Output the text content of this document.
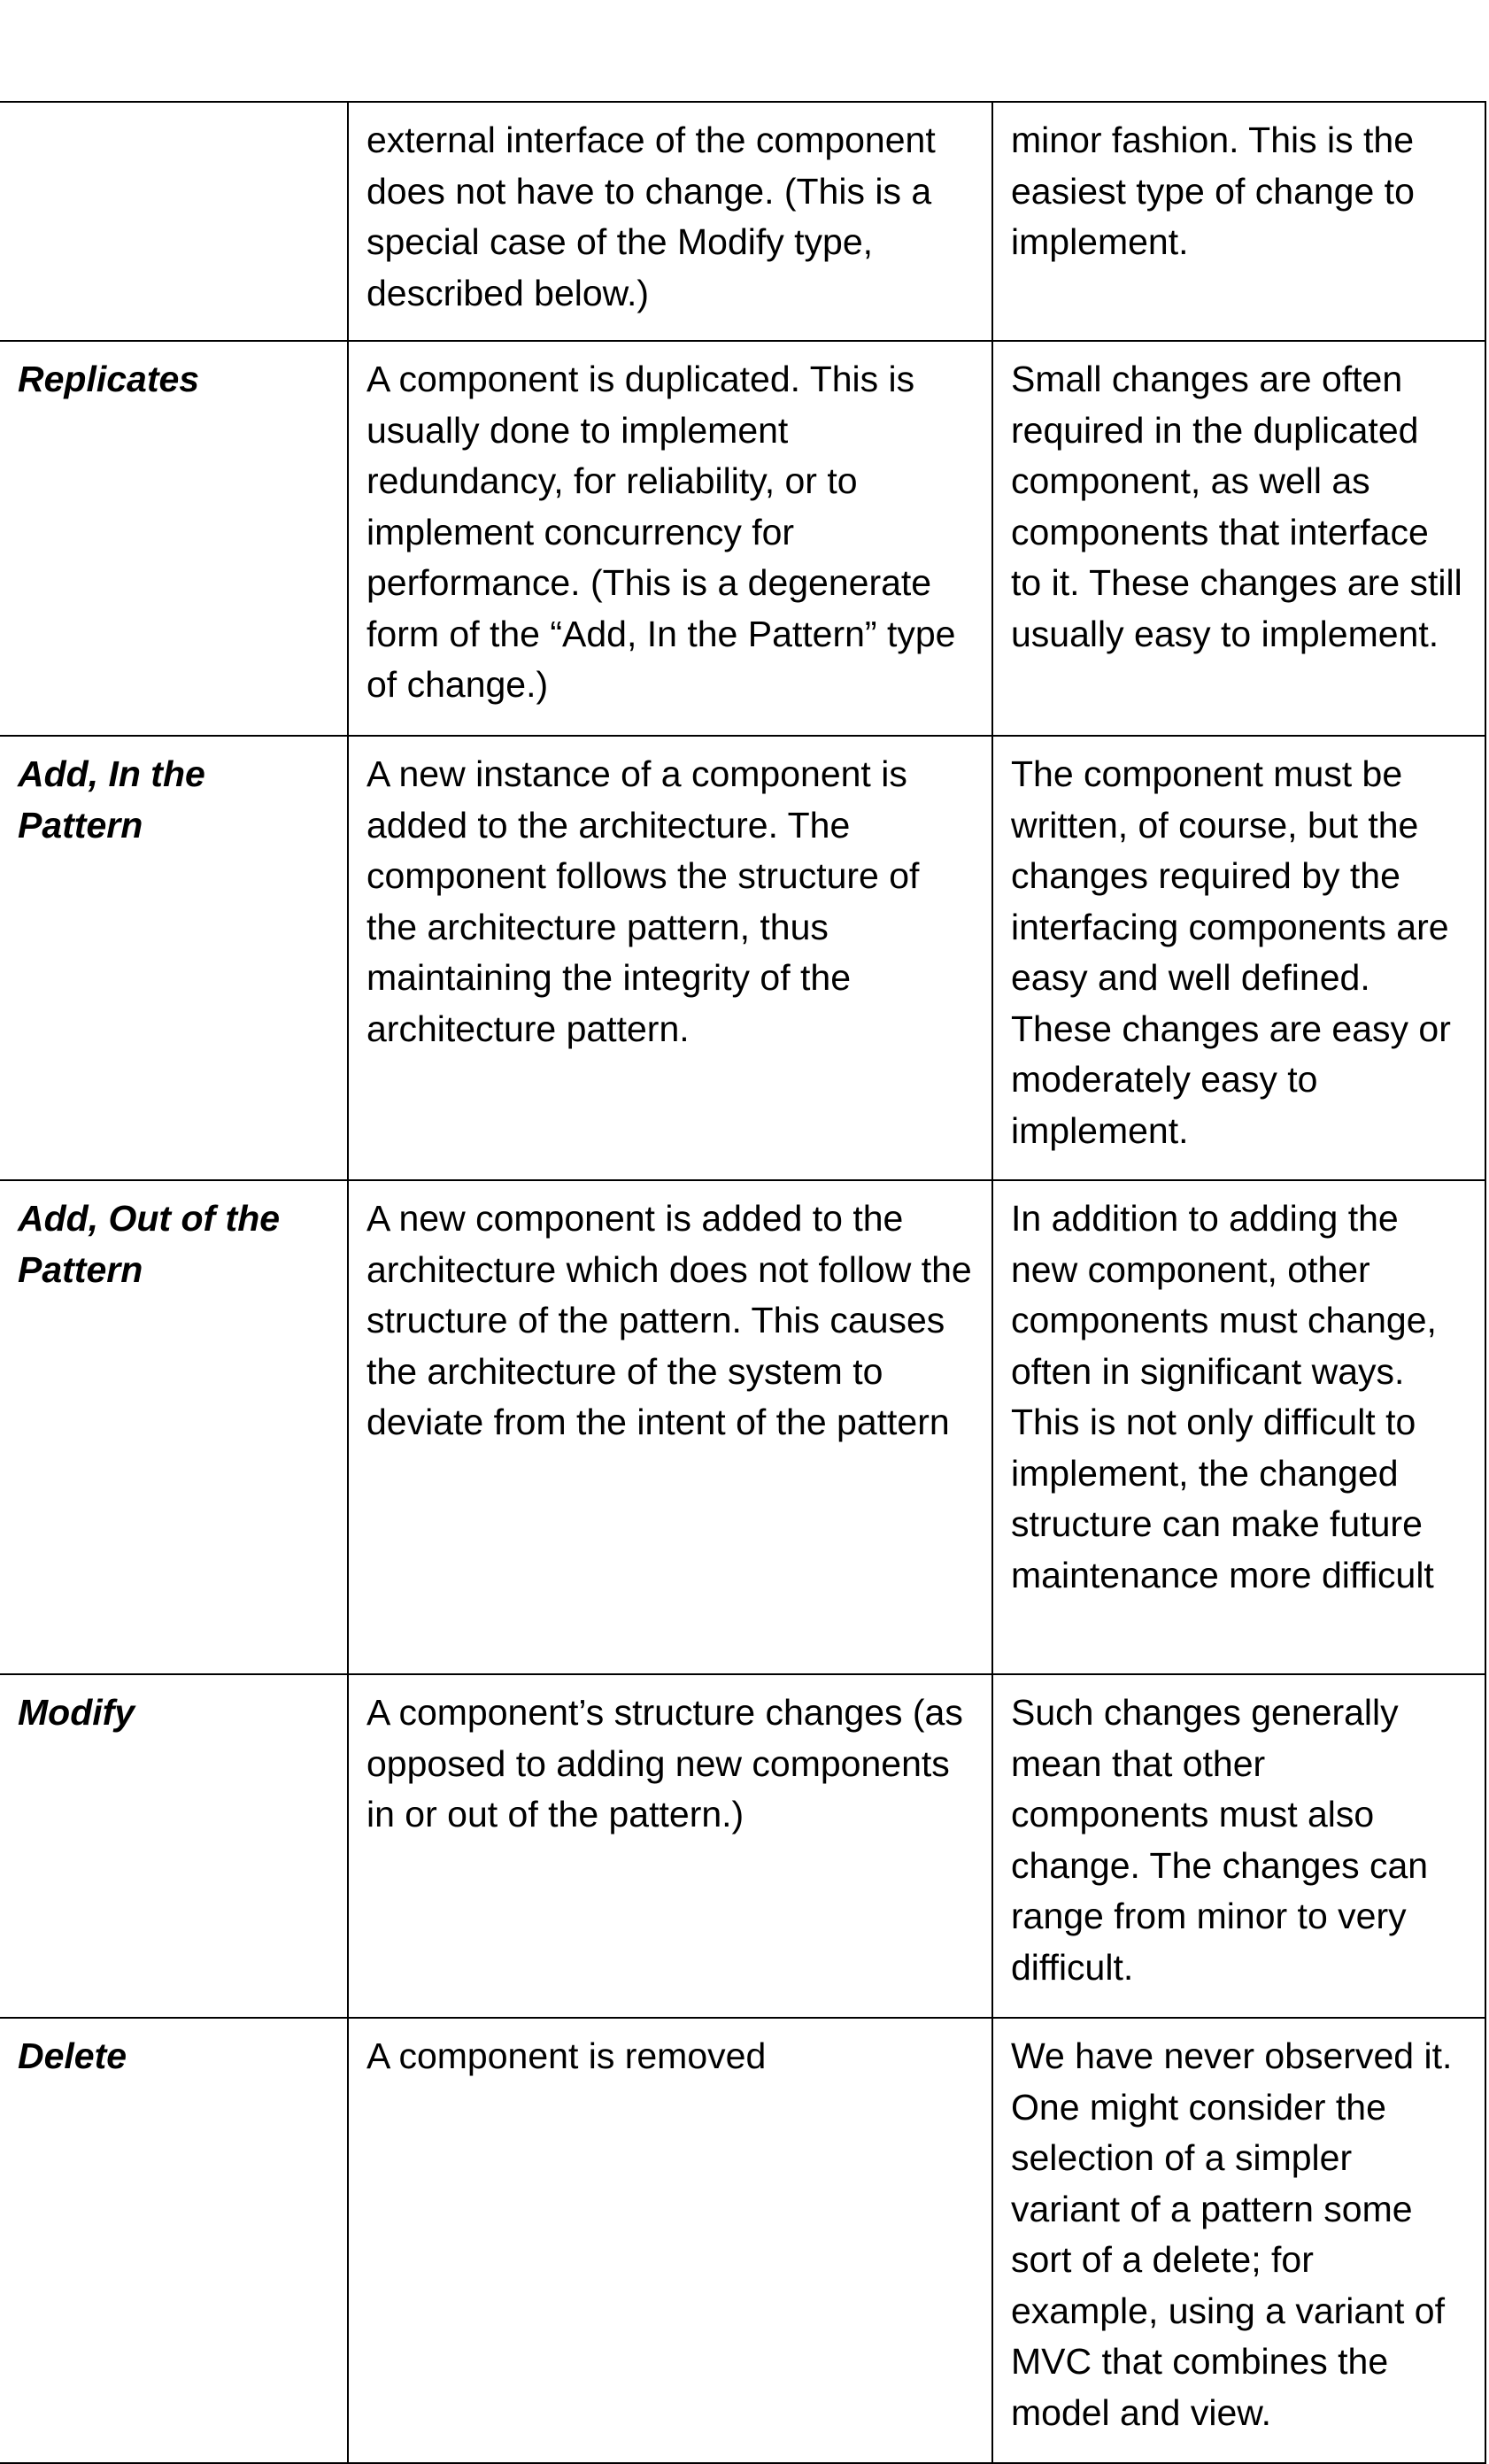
	external interface of the component does not have to change. (This is a special case of the Modify type, described below.)	minor fashion. This is the easiest type of change to implement.
Replicates	A component is duplicated. This is usually done to implement redundancy, for reliability, or to implement concurrency for performance. (This is a degenerate form of the “Add, In the Pattern” type of change.)	Small changes are often required in the duplicated component, as well as components that interface to it. These changes are still usually easy to implement.
Add, In the Pattern	A new instance of a component is added to the architecture. The component follows the structure of the architecture pattern, thus maintaining the integrity of the architecture pattern.	The component must be written, of course, but the changes required by the interfacing components are easy and well defined. These changes are easy or moderately easy to implement.
Add, Out of the Pattern	A new component is added to the architecture which does not follow the structure of the pattern. This causes the architecture of the system to deviate from the intent of the pattern	In addition to adding the new component, other components must change, often in significant ways. This is not only difficult to implement, the changed structure can make future maintenance more difficult
Modify	A component’s structure changes (as opposed to adding new components in or out of the pattern.)	Such changes generally mean that other components must also change. The changes can range from minor to very difficult.
Delete	A component is removed	We have never observed it. One might consider the selection of a simpler variant of a pattern some sort of a delete; for example, using a variant of MVC that combines the model and view.
